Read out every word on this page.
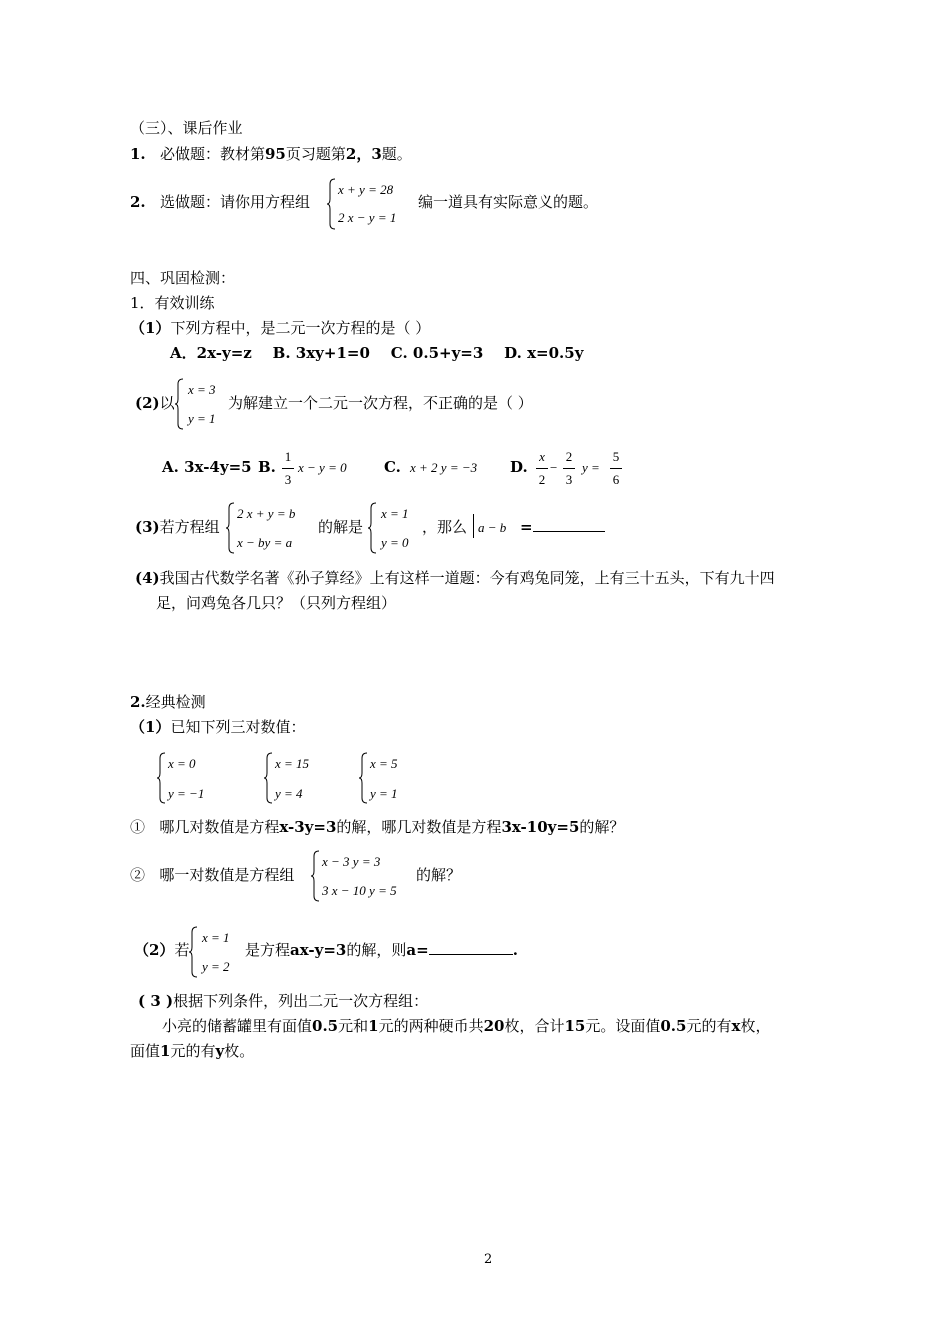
（三）、课后作业
1. 必做题：教材第95页习题第2，3题。
2. 选做题：请你用方程组
x + y = 28
2 x − y = 1
编一道具有实际意义的题。
四、巩固检测：
1．有效训练
（1）下列方程中，是二元一次方程的是（ ）
A．2x-y=z    B. 3xy+1=0    C. 0.5+y=3    D. x=0.5y
(2)以
x = 3
y = 1
为解建立一个二元一次方程，不正确的是（ ）
A. 3x-4y=5 B.
1
3
x − y = 0 C. x + 2 y = −3 D.
x
2
−
2
3
y =
5
6
(3)若方程组
2 x + y = b
x − by = a
的解是
x = 1
y = 0
，那么 a − b =
(4)我国古代数学名著《孙子算经》上有这样一道题：今有鸡兔同笼，上有三十五头，下有九十四
足，问鸡兔各几只？（只列方程组）
2.经典检测
（1）已知下列三对数值：
x = 0
y = −1
x = 15
y = 4
x = 5
y = 1
① 哪几对数值是方程x-3y=3的解，哪几对数值是方程3x-10y=5的解？
② 哪一对数值是方程组
x − 3 y = 3
3 x − 10 y = 5
的解？
（2）若
x = 1
y = 2
是方程ax-y=3的解，则a=	.
( 3 )根据下列条件，列出二元一次方程组：
小亮的储蓄罐里有面值0.5元和1元的两种硬币共20枚，合计15元。设面值0.5元的有x枚，
面值1元的有y枚。
2
